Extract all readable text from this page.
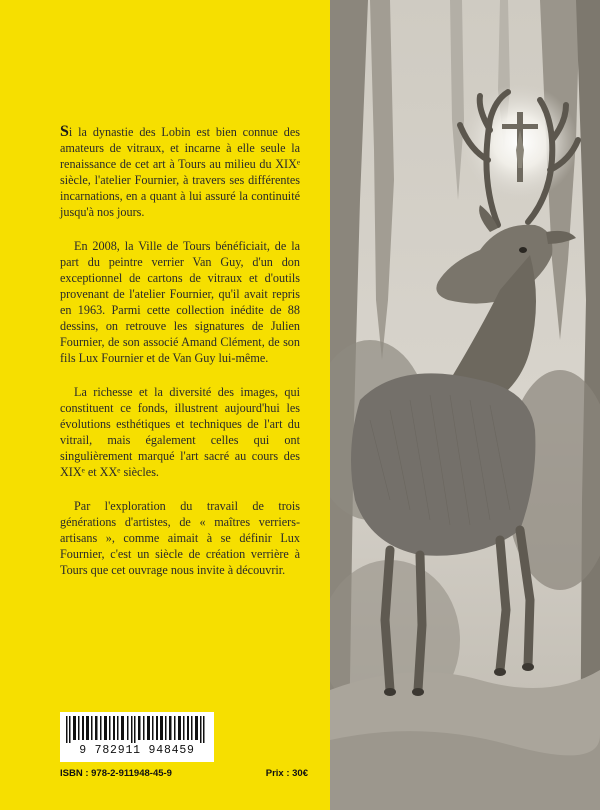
Si la dynastie des Lobin est bien connue des amateurs de vitraux, et incarne à elle seule la renaissance de cet art à Tours au milieu du XIXᵉ siècle, l'atelier Fournier, à travers ses différentes incarnations, en a quant à lui assuré la continuité jusqu'à nos jours.

En 2008, la Ville de Tours bénéficiait, de la part du peintre verrier Van Guy, d'un don exceptionnel de cartons de vitraux et d'outils provenant de l'atelier Fournier, qu'il avait repris en 1963. Parmi cette collection inédite de 88 dessins, on retrouve les signatures de Julien Fournier, de son associé Amand Clément, de son fils Lux Fournier et de Van Guy lui-même.

La richesse et la diversité des images, qui constituent ce fonds, illustrent aujourd'hui les évolutions esthétiques et techniques de l'art du vitrail, mais également celles qui ont singulièrement marqué l'art sacré au cours des XIXᵉ et XXᵉ siècles.

Par l'exploration du travail de trois générations d'artistes, de « maîtres verriers-artisans », comme aimait à se définir Lux Fournier, c'est un siècle de création verrière à Tours que cet ouvrage nous invite à découvrir.

9 782911 948459
ISBN : 978-2-911948-45-9	Prix : 30€
